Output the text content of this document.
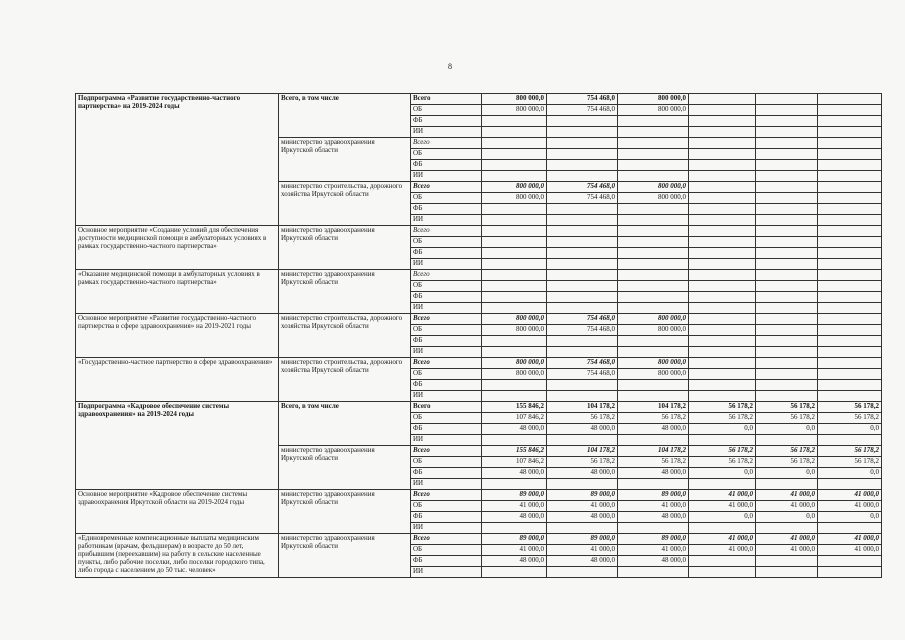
8
Подпрограмма «Развитие государственно-частного партнерства» на 2019-2024 годы	Всего, в том числе	Всего	800 000,0	754 468,0	800 000,0			
		ОБ	800 000,0	754 468,0	800 000,0			
		ФБ						
		ИИ						
	министерство здравоохранения Иркутской области	Всего						
		ОБ						
		ФБ						
		ИИ						
	министерство строительства, дорожного хозяйства Иркутской области	Всего	800 000,0	754 468,0	800 000,0			
		ОБ	800 000,0	754 468,0	800 000,0			
		ФБ						
		ИИ						
Основное мероприятие «Создание условий для обеспечения доступности медицинской помощи в амбулаторных условиях в рамках государственно-частного партнерства»	министерство здравоохранения Иркутской области	Всего						
		ОБ						
		ФБ						
		ИИ						
«Оказание медицинской помощи в амбулаторных условиях в рамках государственно-частного партнерства»	министерство здравоохранения Иркутской области	Всего						
		ОБ						
		ФБ						
		ИИ						
Основное мероприятие «Развитие государственно-частного партнерства в сфере здравоохранения» на 2019-2021 годы	министерство строительства, дорожного хозяйства Иркутской области	Всего	800 000,0	754 468,0	800 000,0			
		ОБ	800 000,0	754 468,0	800 000,0			
		ФБ						
		ИИ						
«Государственно-частное партнерство в сфере здравоохранения»	министерство строительства, дорожного хозяйства Иркутской области	Всего	800 000,0	754 468,0	800 000,0			
		ОБ	800 000,0	754 468,0	800 000,0			
		ФБ						
		ИИ						
Подпрограмма «Кадровое обеспечение системы здравоохранения» на 2019-2024 годы	Всего, в том числе	Всего	155 846,2	104 178,2	104 178,2	56 178,2	56 178,2	56 178,2
		ОБ	107 846,2	56 178,2	56 178,2	56 178,2	56 178,2	56 178,2
		ФБ	48 000,0	48 000,0	48 000,0	0,0	0,0	0,0
		ИИ						
	министерство здравоохранения Иркутской области	Всего	155 846,2	104 178,2	104 178,2	56 178,2	56 178,2	56 178,2
		ОБ	107 846,2	56 178,2	56 178,2	56 178,2	56 178,2	56 178,2
		ФБ	48 000,0	48 000,0	48 000,0	0,0	0,0	0,0
		ИИ						
Основное мероприятие «Кадровое обеспечение системы здравоохранения Иркутской области на 2019-2024 годы	министерство здравоохранения Иркутской области	Всего	89 000,0	89 000,0	89 000,0	41 000,0	41 000,0	41 000,0
		ОБ	41 000,0	41 000,0	41 000,0	41 000,0	41 000,0	41 000,0
		ФБ	48 000,0	48 000,0	48 000,0	0,0	0,0	0,0
		ИИ						
«Единовременные компенсационные выплаты медицинским работникам (врачам, фельдшерам) в возрасте до 50 лет, прибывшим (переехавшим) на работу в сельские населенные пункты, либо рабочие поселки, либо поселки городского типа, либо города с населением до 50 тыс. человек»	министерство здравоохранения Иркутской области	Всего	89 000,0	89 000,0	89 000,0	41 000,0	41 000,0	41 000,0
		ОБ	41 000,0	41 000,0	41 000,0	41 000,0	41 000,0	41 000,0
		ФБ	48 000,0	48 000,0	48 000,0			
		ИИ						
